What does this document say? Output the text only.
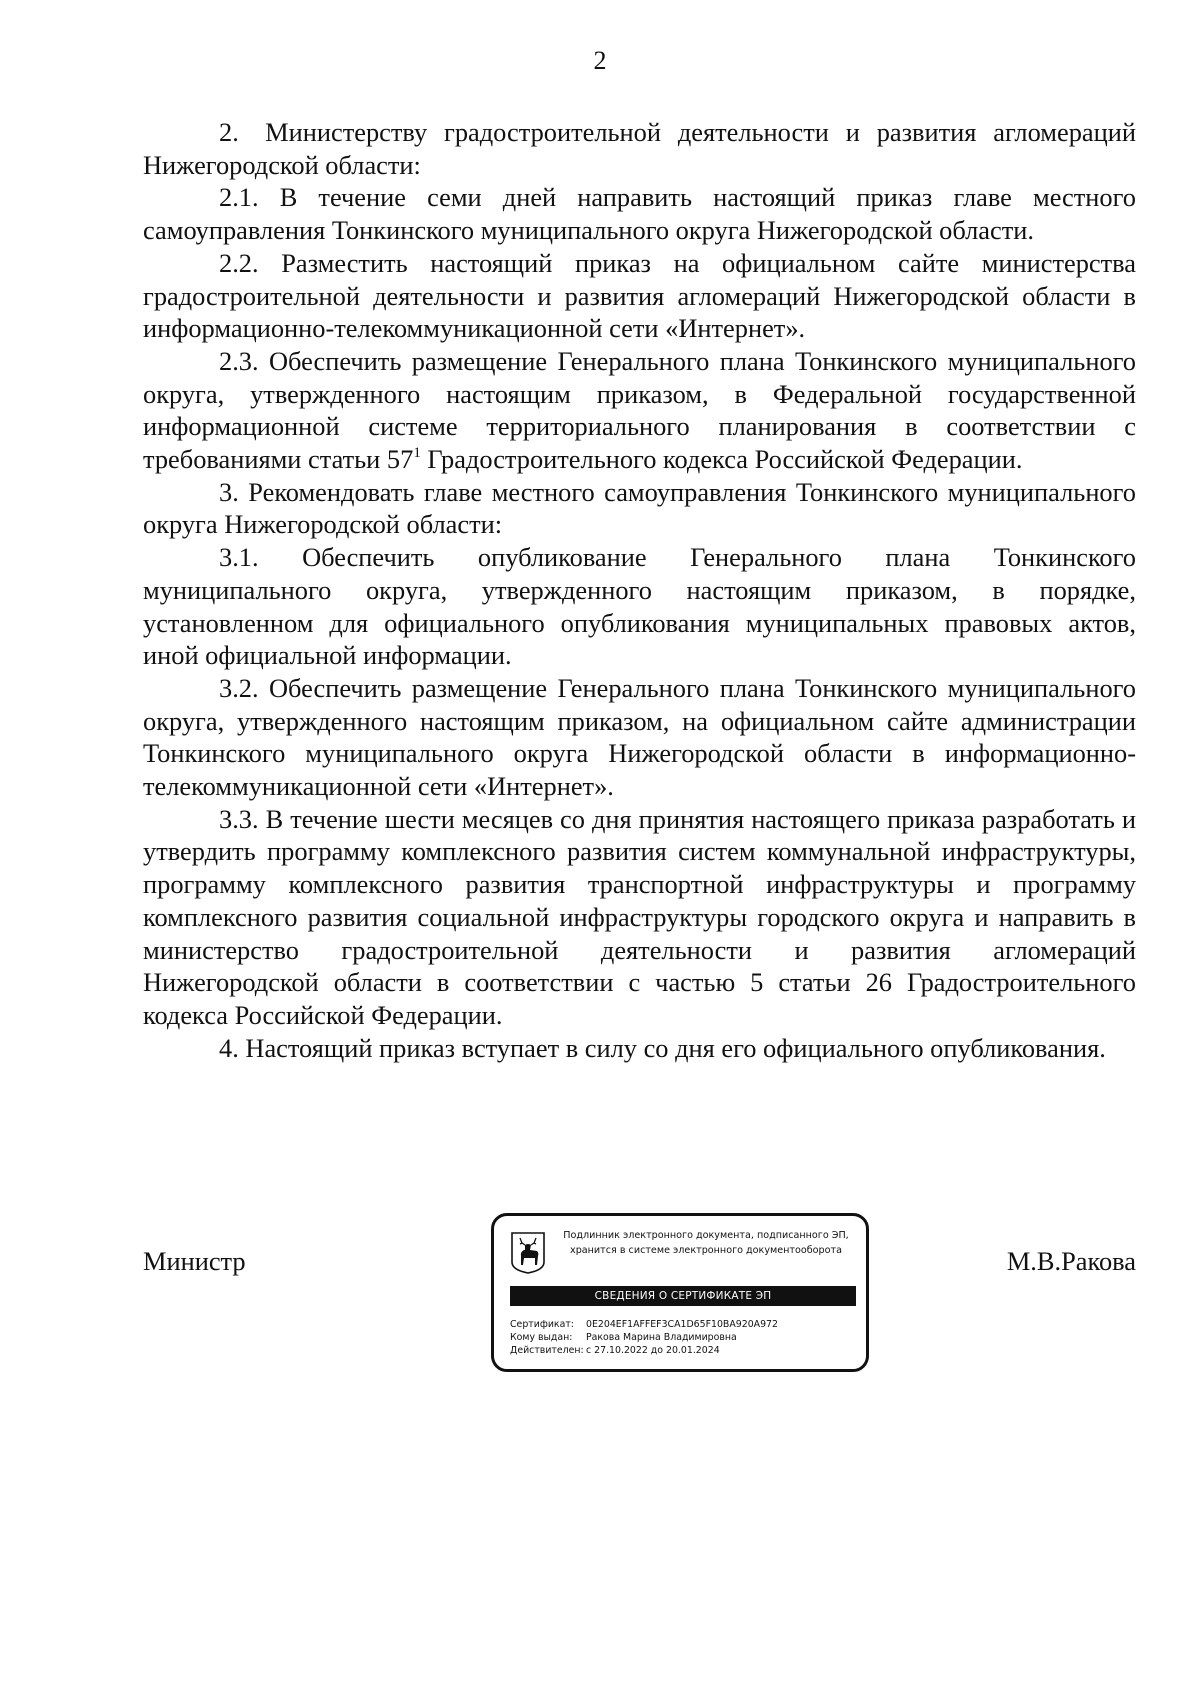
2

2. Министерству градостроительной деятельности и развития агломераций Нижегородской области:

2.1. В течение семи дней направить настоящий приказ главе местного самоуправления Тонкинского муниципального округа Нижегородской области.

2.2. Разместить настоящий приказ на официальном сайте министерства градостроительной деятельности и развития агломераций Нижегородской области в информационно-телекоммуникационной сети «Интернет».

2.3. Обеспечить размещение Генерального плана Тонкинского муниципального округа, утвержденного настоящим приказом, в Федеральной государственной информационной системе территориального планирования в соответствии с требованиями статьи $57^1$ Градостроительного кодекса Российской Федерации.

3. Рекомендовать главе местного самоуправления Тонкинского муниципального округа Нижегородской области:

3.1. Обеспечить опубликование Генерального плана Тонкинского муниципального округа, утвержденного настоящим приказом, в порядке, установленном для официального опубликования муниципальных правовых актов, иной официальной информации.

3.2. Обеспечить размещение Генерального плана Тонкинского муниципального округа, утвержденного настоящим приказом, на официальном сайте администрации Тонкинского муниципального округа Нижегородской области в информационно-телекоммуникационной сети «Интернет».

3.3. В течение шести месяцев со дня принятия настоящего приказа разработать и утвердить программу комплексного развития систем коммунальной инфраструктуры, программу комплексного развития транспортной инфраструктуры и программу комплексного развития социальной инфраструктуры городского округа и направить в министерство градостроительной деятельности и развития агломераций Нижегородской области в соответствии с частью 5 статьи 26 Градостроительного кодекса Российской Федерации.

4. Настоящий приказ вступает в силу со дня его официального опубликования.

Министр	М.В.Ракова
Подлинник электронного документа, подписанного ЭП,
хранится в системе электронного документооборота
СВЕДЕНИЯ О СЕРТИФИКАТЕ ЭП
Сертификат: 0E204EF1AFFEF3CA1D65F10BA920A972
Кому выдан: Ракова Марина Владимировна
Действителен: с 27.10.2022 до 20.01.2024
